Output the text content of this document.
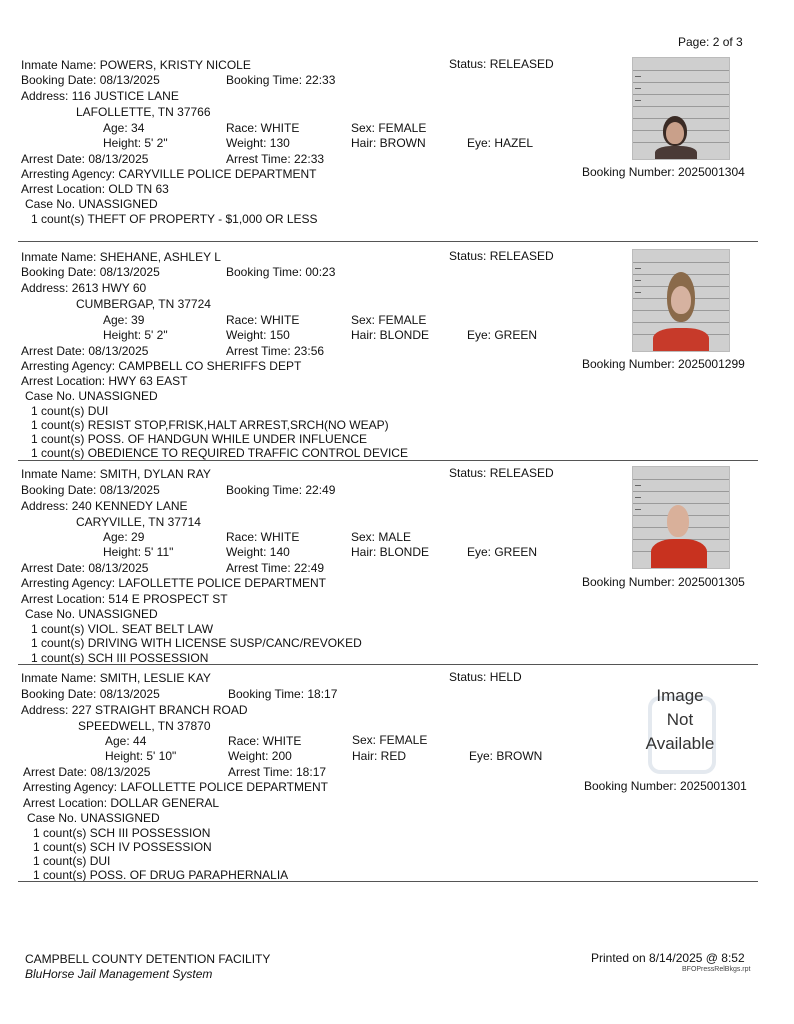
Page: 2 of 3
Inmate Name: POWERS, KRISTY NICOLE	Status: RELEASED
Booking Date: 08/13/2025	Booking Time: 22:33
Address: 116 JUSTICE LANE
LAFOLLETTE, TN 37766
Age: 34	Race: WHITE	Sex: FEMALE
Height: 5' 2"	Weight: 130	Hair: BROWN	Eye: HAZEL
Arrest Date: 08/13/2025	Arrest Time: 22:33
Arresting Agency: CARYVILLE POLICE DEPARTMENT
Arrest Location: OLD TN 63
Case No. UNASSIGNED
1 count(s) THEFT OF PROPERTY - $1,000 OR LESS
Booking Number: 2025001304
Inmate Name: SHEHANE, ASHLEY L	Status: RELEASED
Booking Date: 08/13/2025	Booking Time: 00:23
Address: 2613 HWY 60
CUMBERGAP, TN 37724
Age: 39	Race: WHITE	Sex: FEMALE
Height: 5' 2"	Weight: 150	Hair: BLONDE	Eye: GREEN
Arrest Date: 08/13/2025	Arrest Time: 23:56
Arresting Agency: CAMPBELL CO SHERIFFS DEPT
Arrest Location: HWY 63 EAST
Case No. UNASSIGNED
1 count(s) DUI
1 count(s) RESIST STOP,FRISK,HALT ARREST,SRCH(NO WEAP)
1 count(s) POSS. OF HANDGUN WHILE UNDER INFLUENCE
1 count(s) OBEDIENCE TO REQUIRED TRAFFIC CONTROL DEVICE
Booking Number: 2025001299
Inmate Name: SMITH, DYLAN RAY	Status: RELEASED
Booking Date: 08/13/2025	Booking Time: 22:49
Address: 240 KENNEDY LANE
CARYVILLE, TN 37714
Age: 29	Race: WHITE	Sex: MALE
Height: 5' 11"	Weight: 140	Hair: BLONDE	Eye: GREEN
Arrest Date: 08/13/2025	Arrest Time: 22:49
Arresting Agency: LAFOLLETTE POLICE DEPARTMENT
Arrest Location: 514 E PROSPECT ST
Case No. UNASSIGNED
1 count(s) VIOL. SEAT BELT LAW
1 count(s) DRIVING WITH LICENSE SUSP/CANC/REVOKED
1 count(s) SCH III POSSESSION
Booking Number: 2025001305
Inmate Name: SMITH, LESLIE KAY	Status: HELD
Booking Date: 08/13/2025	Booking Time: 18:17
Address: 227 STRAIGHT BRANCH ROAD
SPEEDWELL, TN 37870
Age: 44	Race: WHITE	Sex: FEMALE
Height: 5' 10"	Weight: 200	Hair: RED	Eye: BROWN
Arrest Date: 08/13/2025	Arrest Time: 18:17
Arresting Agency: LAFOLLETTE POLICE DEPARTMENT
Arrest Location: DOLLAR GENERAL
Case No. UNASSIGNED
1 count(s) SCH III POSSESSION
1 count(s) SCH IV POSSESSION
1 count(s) DUI
1 count(s) POSS. OF DRUG PARAPHERNALIA
Image
Not
Available
Booking Number: 2025001301
CAMPBELL COUNTY DETENTION FACILITY
BluHorse Jail Management System
Printed on 8/14/2025 @ 8:52
BFOPressRelBkgs.rpt
